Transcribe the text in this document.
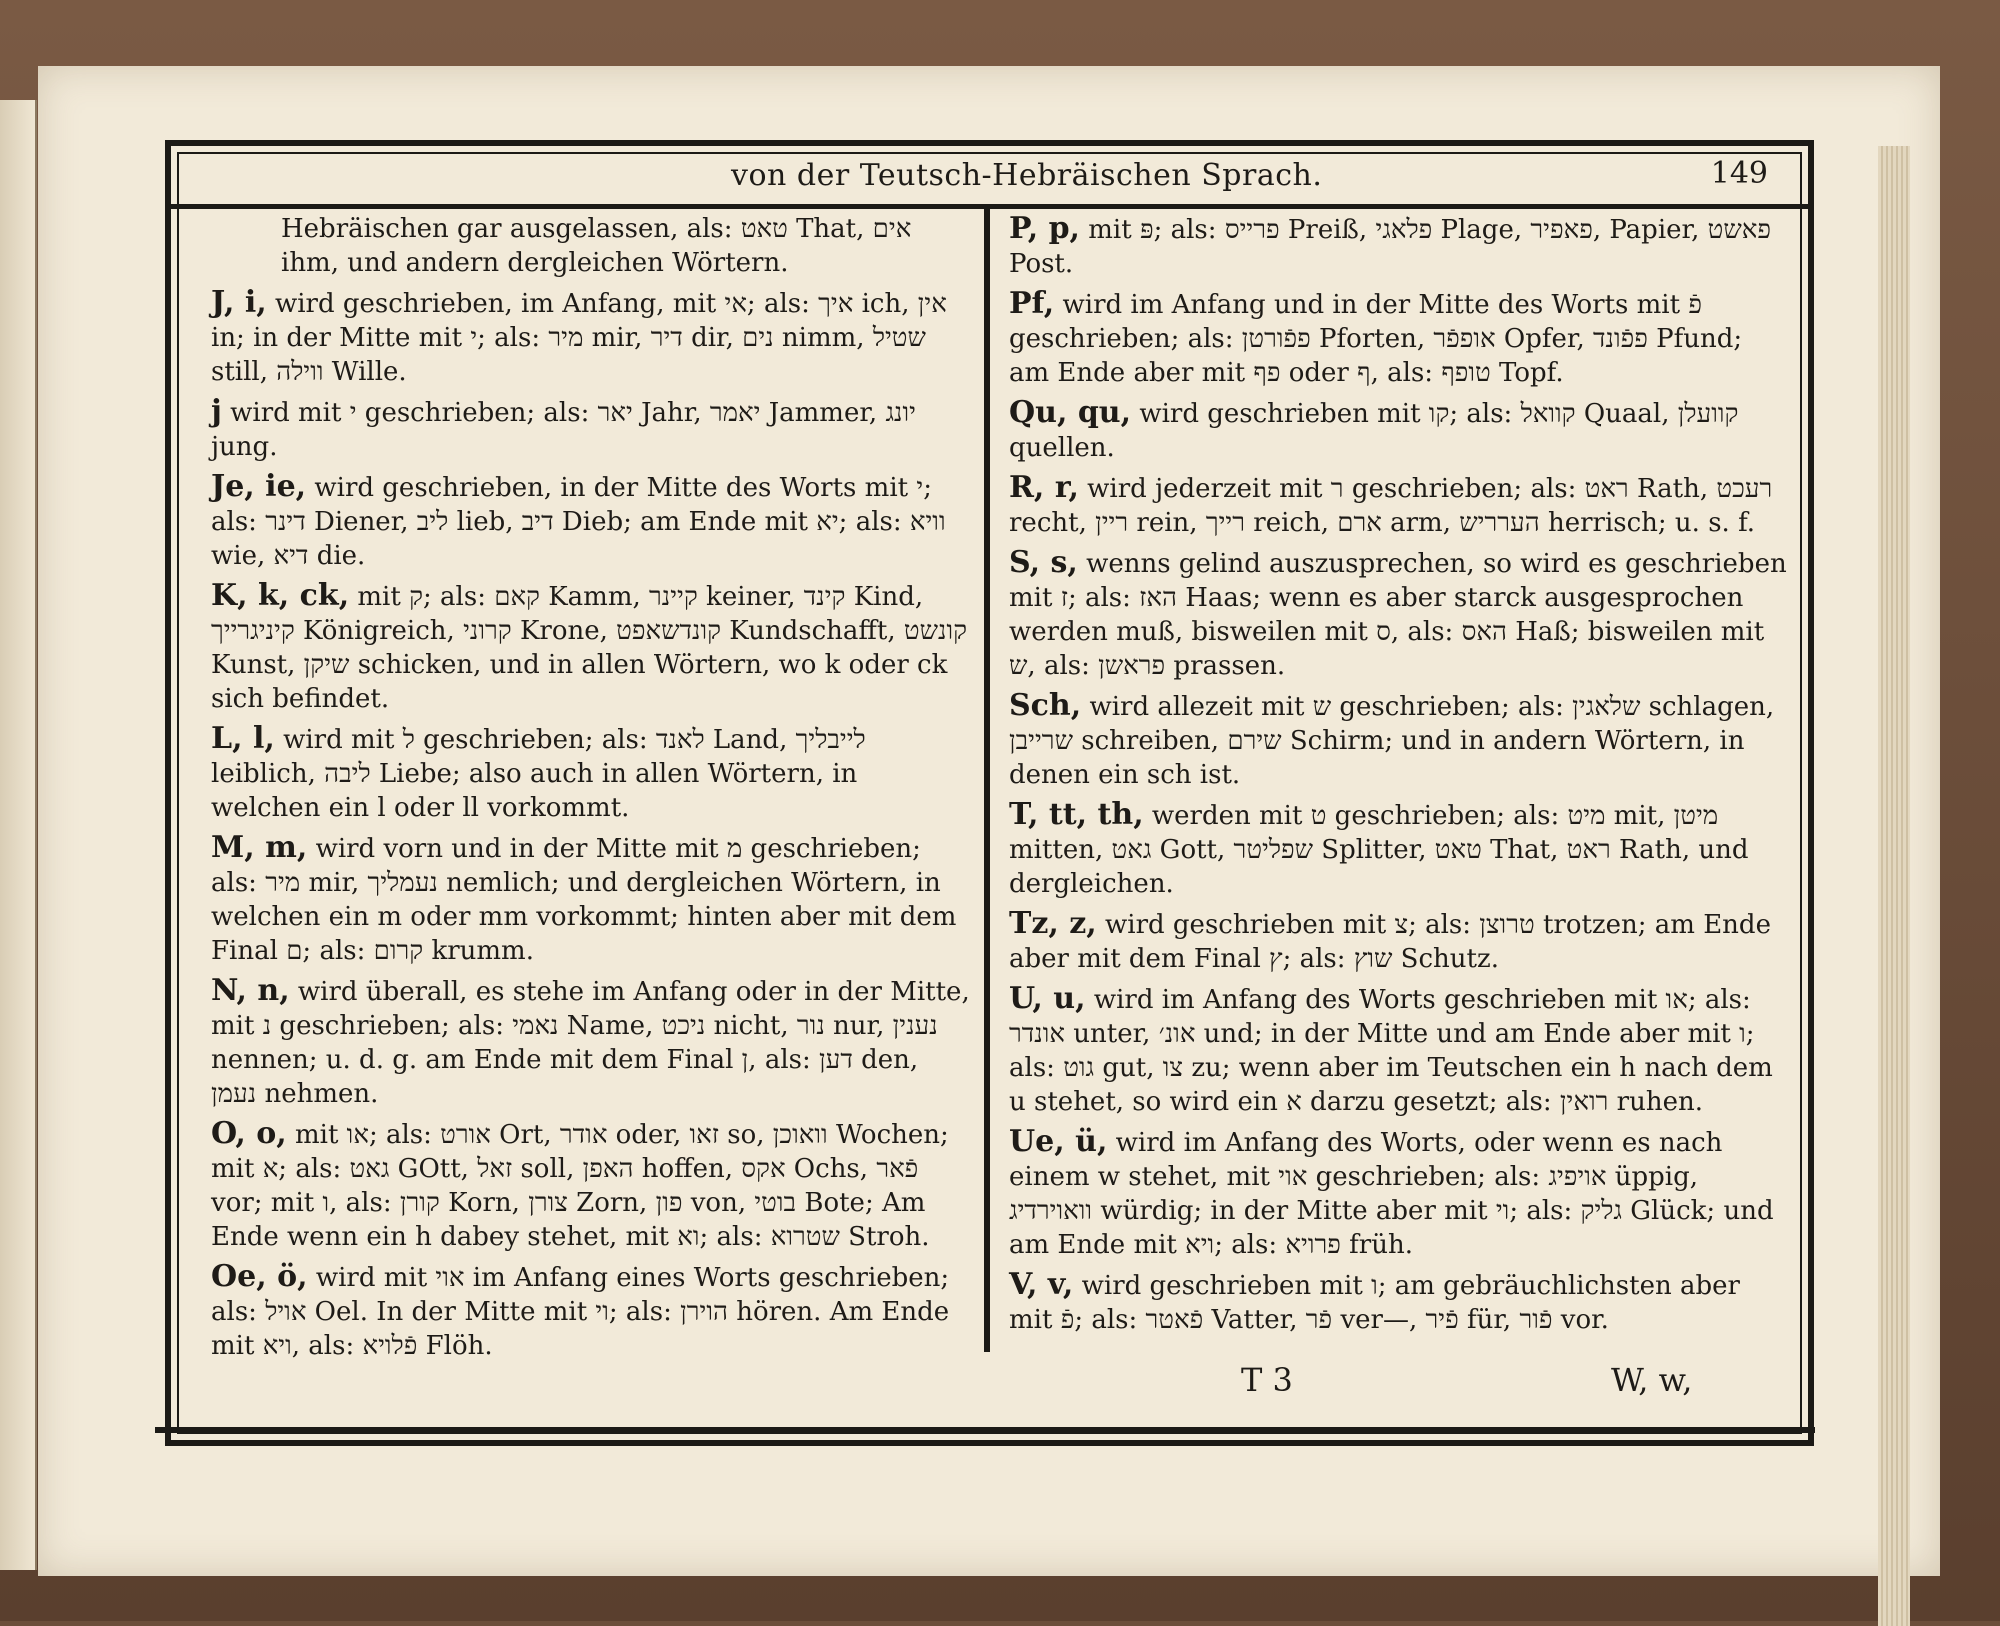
von der Teutsch-Hebräischen Sprach.	149

Hebräischen gar ausgelassen, als: טאט That, אים ihm, und andern dergleichen Wörtern.

J, i, wird geschrieben, im Anfang, mit אי; als: איך ich, אין in; in der Mitte mit י; als: מיר mir, דיר dir, נים nimm, שטיל still, ווילה Wille.

j wird mit י geschrieben; als: יאר Jahr, יאמר Jammer, יונג jung.

Je, ie, wird geschrieben, in der Mitte des Worts mit י; als: דינר Diener, ליב lieb, דיב Dieb; am Ende mit יא; als: וויא wie, דיא die.

K, k, ck, mit ק; als: קאם Kamm, קיינר keiner, קינד Kind, קיניגרייך Königreich, קרוני Krone, קונדשאפט Kundschafft, קונשט Kunst, שיקן schicken, und in allen Wörtern, wo k oder ck sich befindet.

L, l, wird mit ל geschrieben; als: לאנד Land, לייבליך leiblich, ליבה Liebe; also auch in allen Wörtern, in welchen ein l oder ll vorkommt.

M, m, wird vorn und in der Mitte mit מ geschrieben; als: מיר mir, נעמליך nemlich; und dergleichen Wörtern, in welchen ein m oder mm vorkommt; hinten aber mit dem Final ם; als: קרום krumm.

N, n, wird überall, es stehe im Anfang oder in der Mitte, mit נ geschrieben; als: נאמי Name, ניכט nicht, נור nur, נענין nennen; u. d. g. am Ende mit dem Final ן, als: דען den, נעמן nehmen.

O, o, mit או; als: אורט Ort, אודר oder, זאו so, וואוכן Wochen; mit א; als: גאט GOtt, זאל soll, האפן hoffen, אקס Ochs, פֿאר vor; mit ו, als: קורן Korn, צורן Zorn, פון von, בוטי Bote; Am Ende wenn ein h dabey stehet, mit וא; als: שטרוא Stroh.

Oe, ö, wird mit אוי im Anfang eines Worts geschrieben; als: אויל Oel. In der Mitte mit וי; als: הוירן hören. Am Ende mit ויא, als: פֿלויא Flöh.

P, p, mit פּ; als: פרייס Preiß, פלאגי Plage, פאפיר, Papier, פאשט Post.

Pf, wird im Anfang und in der Mitte des Worts mit פֿ geschrieben; als: פפֿורטן Pforten, אופפֿר Opfer, פפֿונד Pfund; am Ende aber mit פף oder ף, als: טופף Topf.

Qu, qu, wird geschrieben mit קו; als: קוואל Quaal, קוועלן quellen.

R, r, wird jederzeit mit ר geschrieben; als: ראט Rath, רעכט recht, ריין rein, רייך reich, ארם arm, הערריש herrisch; u. s. f.

S, s, wenns gelind auszusprechen, so wird es geschrieben mit ז; als: האז Haas; wenn es aber starck ausgesprochen werden muß, bisweilen mit ס, als: האס Haß; bisweilen mit ש, als: פראשן prassen.

Sch, wird allezeit mit ש geschrieben; als: שלאגין schlagen, שרייבן schreiben, שירם Schirm; und in andern Wörtern, in denen ein sch ist.

T, tt, th, werden mit ט geschrieben; als: מיט mit, מיטן mitten, גאט Gott, שפליטר Splitter, טאט That, ראט Rath, und dergleichen.

Tz, z, wird geschrieben mit צ; als: טרוצן trotzen; am Ende aber mit dem Final ץ; als: שוץ Schutz.

U, u, wird im Anfang des Worts geschrieben mit או; als: אונדר unter, אונ׳ und; in der Mitte und am Ende aber mit ו; als: גוט gut, צו zu; wenn aber im Teutschen ein h nach dem u stehet, so wird ein א darzu gesetzt; als: רואין ruhen.

Ue, ü, wird im Anfang des Worts, oder wenn es nach einem w stehet, mit אוי geschrieben; als: אויפיג üppig, וואוירדיג würdig; in der Mitte aber mit וי; als: גליק Glück; und am Ende mit ויא; als: פרויא früh.

V, v, wird geschrieben mit ו; am gebräuchlichsten aber mit פֿ; als: פֿאטר Vatter, פֿר ver—, פֿיר für, פֿור vor.

T 3	W, w,
